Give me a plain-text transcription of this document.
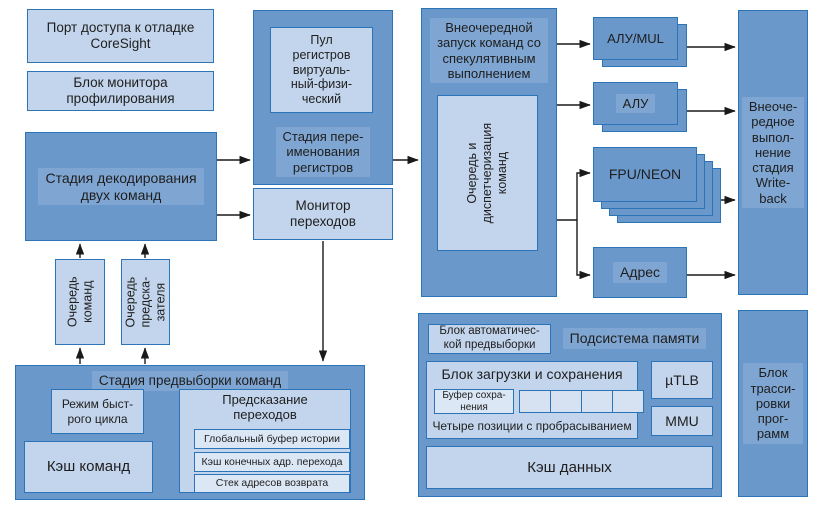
Порт доступа к отладке
CoreSight
Блок монитора
профилирования
Стадия декодирования
двух команд
Пул
регистров
виртуаль-
ный-физи-
ческий
Стадия пере-
именования
регистров
Монитор
переходов
Очередь
команд Очередь
предска-
зателя
Внеочередной
запуск команд со
спекулятивным
выполнением
Очередь и
диспетчеризация
команд
АЛУ/MUL
АЛУ
FPU/NEON
Адрес
Внеоче-
редное
выпол-
нение
стадия
Write-
back
Блок
трасси-
ровки
прог-
рамм
Стадия предвыборки команд
Режим быст-
рого цикла
Кэш команд
Предсказание
переходов
Глобальный буфер истории
Кэш конечных адр. перехода
Стек адресов возврата
Блок автоматичес-
кой предвыборки	Подсистема памяти
Блок загрузки и сохранения
Буфер сохра-
нения
Четыре позиции с пробрасыванием
µTLB
MMU
Кэш данных
